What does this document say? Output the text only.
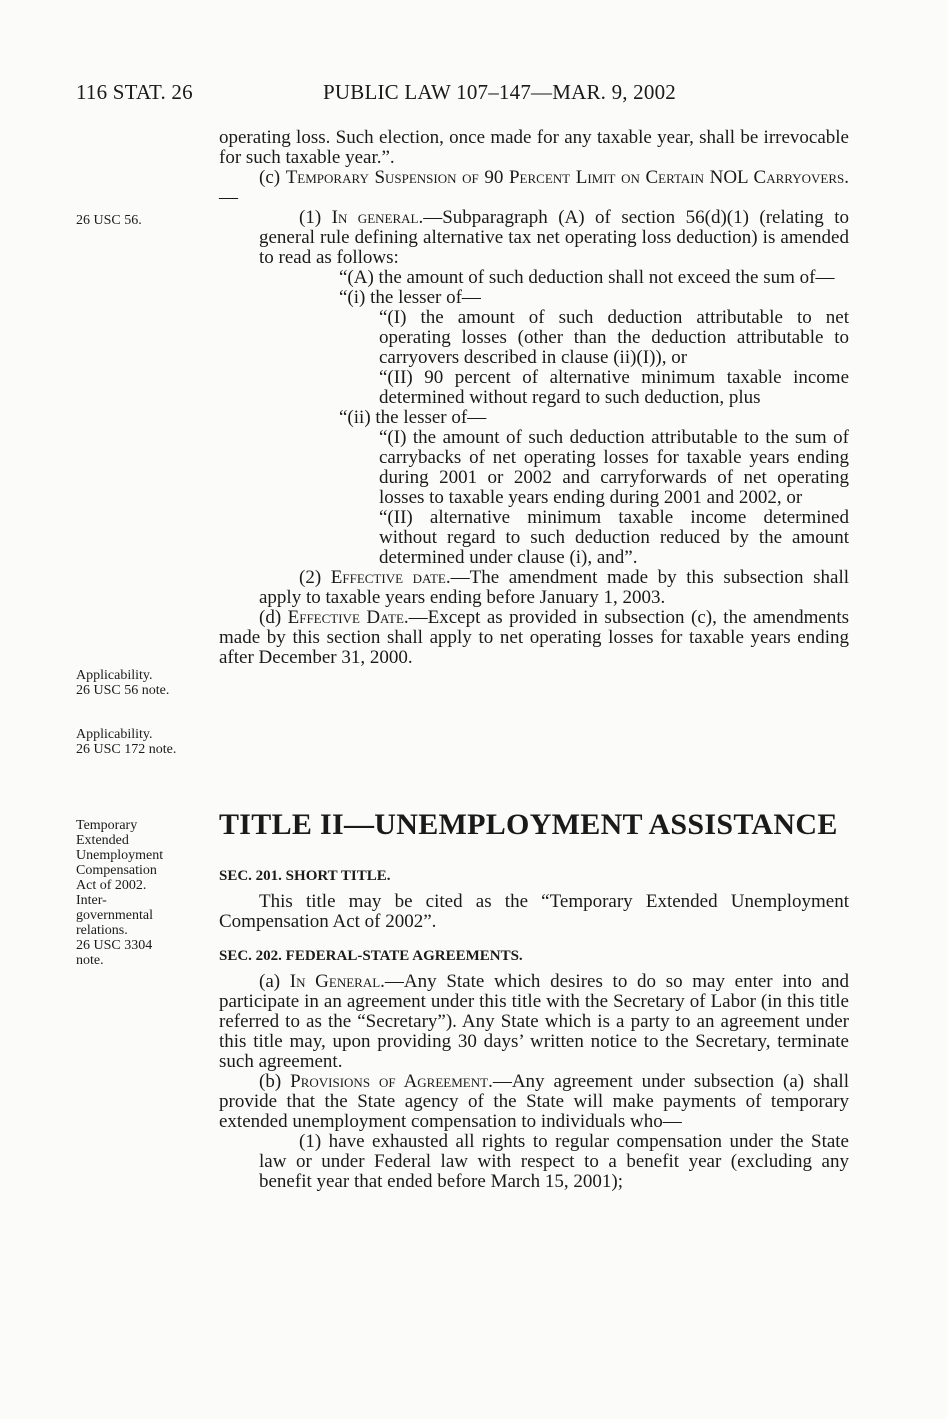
116 STAT. 26	PUBLIC LAW 107–147—MAR. 9, 2002
26 USC 56.
Applicability.
26 USC 56 note.
Applicability.
26 USC 172 note.
Temporary
Extended
Unemployment
Compensation
Act of 2002.
Inter-
governmental
relations.
26 USC 3304
note.

operating loss. Such election, once made for any taxable year, shall be irrevocable for such taxable year.”.

(c) Temporary Suspension of 90 Percent Limit on Certain NOL Carryovers.—

(1) In general.—Subparagraph (A) of section 56(d)(1) (relating to general rule defining alternative tax net operating loss deduction) is amended to read as follows:

“(A) the amount of such deduction shall not exceed the sum of—

“(i) the lesser of—

“(I) the amount of such deduction attributable to net operating losses (other than the deduction attributable to carryovers described in clause (ii)(I)), or

“(II) 90 percent of alternative minimum taxable income determined without regard to such deduction, plus

“(ii) the lesser of—

“(I) the amount of such deduction attributable to the sum of carrybacks of net operating losses for taxable years ending during 2001 or 2002 and carryforwards of net operating losses to taxable years ending during 2001 and 2002, or

“(II) alternative minimum taxable income determined without regard to such deduction reduced by the amount determined under clause (i), and”.

(2) Effective date.—The amendment made by this subsection shall apply to taxable years ending before January 1, 2003.

(d) Effective Date.—Except as provided in subsection (c), the amendments made by this section shall apply to net operating losses for taxable years ending after December 31, 2000.

TITLE II—UNEMPLOYMENT ASSISTANCE

SEC. 201. SHORT TITLE.

This title may be cited as the “Temporary Extended Unemployment Compensation Act of 2002”.

SEC. 202. FEDERAL-STATE AGREEMENTS.

(a) In General.—Any State which desires to do so may enter into and participate in an agreement under this title with the Secretary of Labor (in this title referred to as the “Secretary”). Any State which is a party to an agreement under this title may, upon providing 30 days’ written notice to the Secretary, terminate such agreement.

(b) Provisions of Agreement.—Any agreement under subsection (a) shall provide that the State agency of the State will make payments of temporary extended unemployment compensation to individuals who—

(1) have exhausted all rights to regular compensation under the State law or under Federal law with respect to a benefit year (excluding any benefit year that ended before March 15, 2001);
